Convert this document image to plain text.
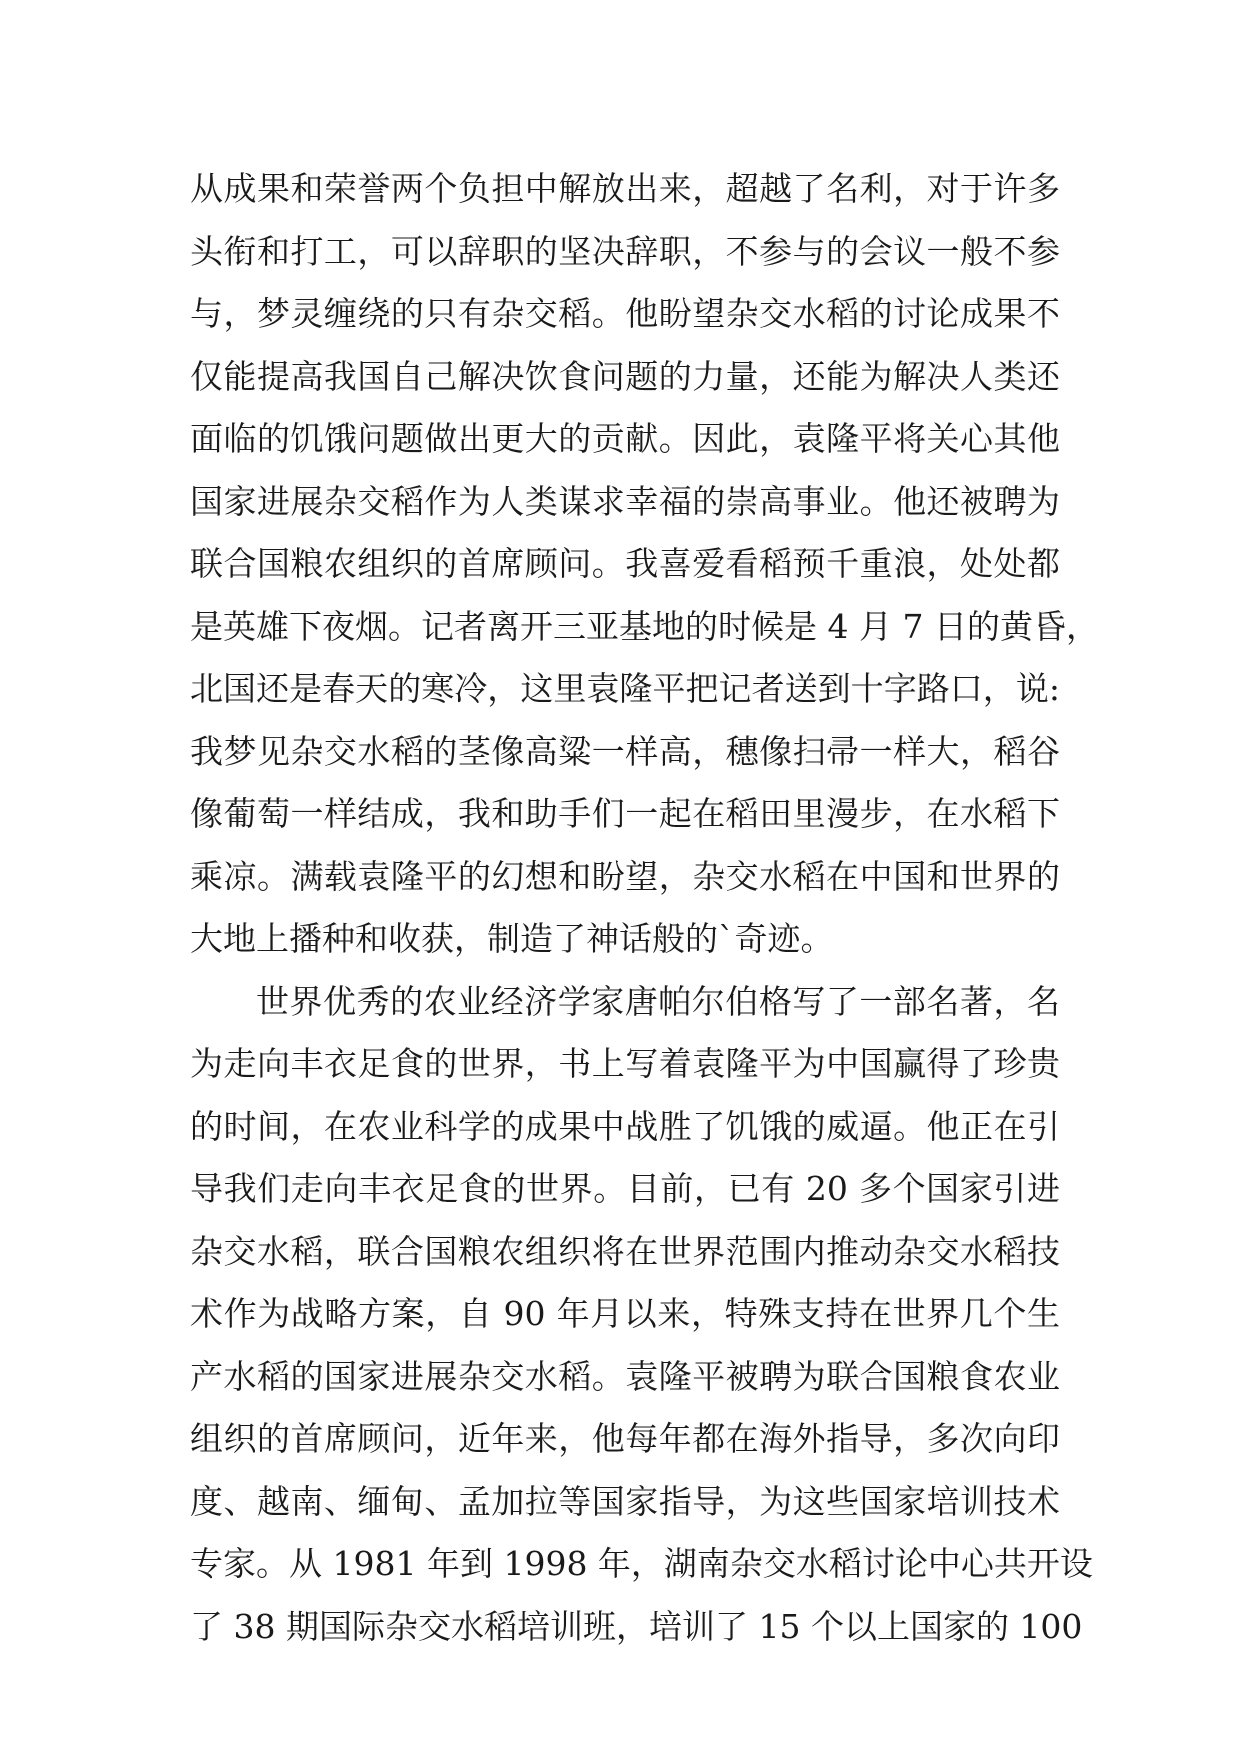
从成果和荣誉两个负担中解放出来，超越了名利，对于许多
头衔和打工，可以辞职的坚决辞职，不参与的会议一般不参
与，梦灵缠绕的只有杂交稻。他盼望杂交水稻的讨论成果不
仅能提高我国自己解决饮食问题的力量，还能为解决人类还
面临的饥饿问题做出更大的贡献。因此，袁隆平将关心其他
国家进展杂交稻作为人类谋求幸福的崇高事业。他还被聘为
联合国粮农组织的首席顾问。我喜爱看稻预千重浪，处处都
是英雄下夜烟。记者离开三亚基地的时候是 4 月 7 日的黄昏，
北国还是春天的寒冷，这里袁隆平把记者送到十字路口，说:
我梦见杂交水稻的茎像高粱一样高，穗像扫帚一样大，稻谷
像葡萄一样结成，我和助手们一起在稻田里漫步，在水稻下
乘凉。满载袁隆平的幻想和盼望，杂交水稻在中国和世界的
大地上播种和收获，制造了神话般的`奇迹。
世界优秀的农业经济学家唐帕尔伯格写了一部名著，名
为走向丰衣足食的世界，书上写着袁隆平为中国赢得了珍贵
的时间，在农业科学的成果中战胜了饥饿的威逼。他正在引
导我们走向丰衣足食的世界。目前，已有 20 多个国家引进
杂交水稻，联合国粮农组织将在世界范围内推动杂交水稻技
术作为战略方案，自 90 年月以来，特殊支持在世界几个生
产水稻的国家进展杂交水稻。袁隆平被聘为联合国粮食农业
组织的首席顾问，近年来，他每年都在海外指导，多次向印
度、越南、缅甸、孟加拉等国家指导，为这些国家培训技术
专家。从 1981 年到 1998 年，湖南杂交水稻讨论中心共开设
了 38 期国际杂交水稻培训班，培训了 15 个以上国家的 100
